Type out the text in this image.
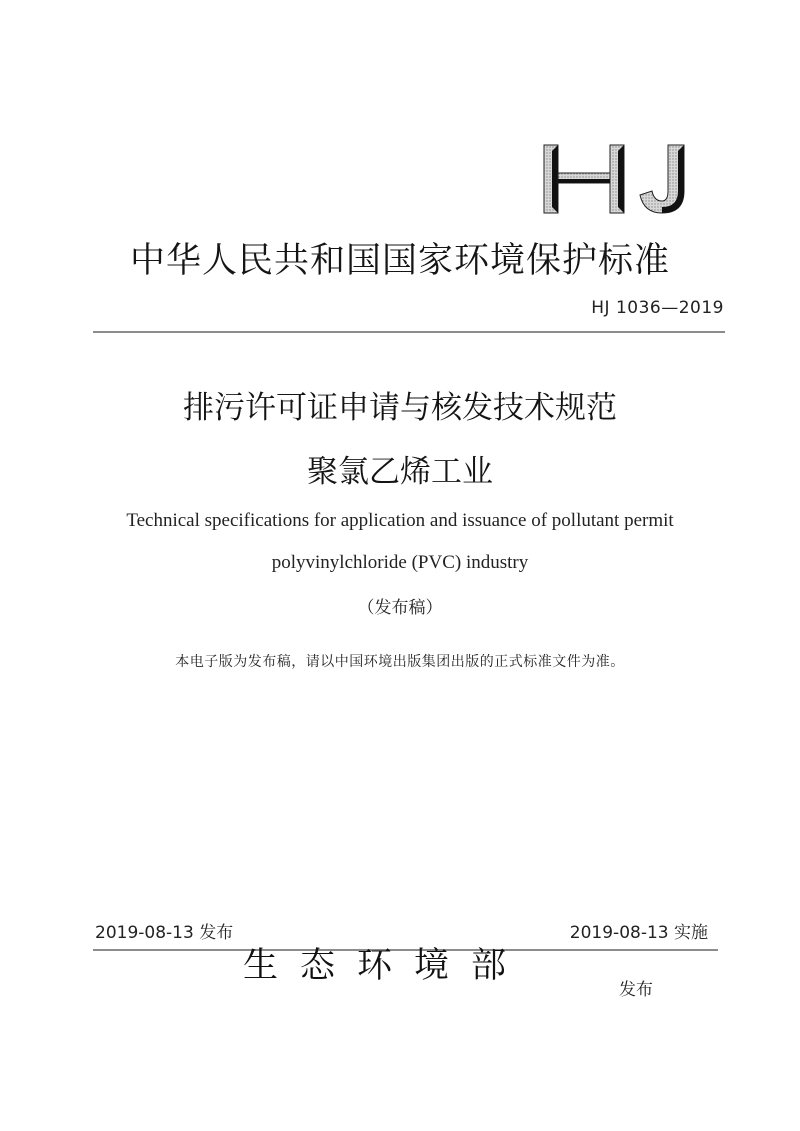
中华人民共和国国家环境保护标准
HJ 1036—2019
排污许可证申请与核发技术规范
聚氯乙烯工业
Technical specifications for application and issuance of pollutant permit
polyvinylchloride (PVC) industry
（发布稿）
本电子版为发布稿，请以中国环境出版集团出版的正式标准文件为准。
2019-08-13 发布	2019-08-13 实施
生态环境部
发布
